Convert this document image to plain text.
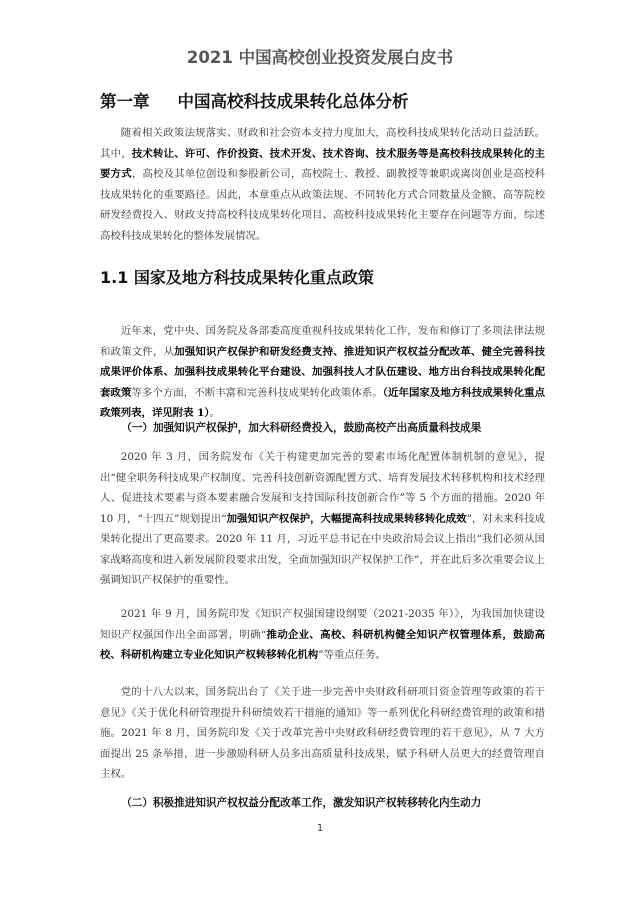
2021 中国高校创业投资发展白皮书
第一章 中国高校科技成果转化总体分析
随着相关政策法规落实、财政和社会资本支持力度加大，高校科技成果转化活动日益活跃。其中，技术转让、许可、作价投资、技术开发、技术咨询、技术服务等是高校科技成果转化的主要方式，高校及其单位创设和参股新公司，高校院士、教授、副教授等兼职或离岗创业是高校科技成果转化的重要路径。因此，本章重点从政策法规、不同转化方式合同数量及金额、高等院校研发经费投入、财政支持高校科技成果转化项目、高校科技成果转化主要存在问题等方面，综述高校科技成果转化的整体发展情况。
1.1 国家及地方科技成果转化重点政策
近年来，党中央、国务院及各部委高度重视科技成果转化工作，发布和修订了多项法律法规和政策文件，从加强知识产权保护和研发经费支持、推进知识产权权益分配改革、健全完善科技成果评价体系、加强科技成果转化平台建设、加强科技人才队伍建设、地方出台科技成果转化配套政策等多个方面，不断丰富和完善科技成果转化政策体系。（近年国家及地方科技成果转化重点政策列表，详见附表 1）。
（一）加强知识产权保护，加大科研经费投入，鼓励高校产出高质量科技成果
2020 年 3 月，国务院发布《关于构建更加完善的要素市场化配置体制机制的意见》，提出“健全职务科技成果产权制度、完善科技创新资源配置方式、培育发展技术转移机构和技术经理人、促进技术要素与资本要素融合发展和支持国际科技创新合作”等 5 个方面的措施。2020 年 10 月，“十四五”规划提出“加强知识产权保护，大幅提高科技成果转移转化成效”，对未来科技成果转化提出了更高要求。2020 年 11 月，习近平总书记在中央政治局会议上指出“我们必须从国家战略高度和进入新发展阶段要求出发，全面加强知识产权保护工作”，并在此后多次重要会议上强调知识产权保护的重要性。
2021 年 9 月，国务院印发《知识产权强国建设纲要（2021-2035 年）》，为我国加快建设知识产权强国作出全面部署，明确“推动企业、高校、科研机构健全知识产权管理体系，鼓励高校、科研机构建立专业化知识产权转移转化机构”等重点任务。
党的十八大以来，国务院出台了《关于进一步完善中央财政科研项目资金管理等政策的若干意见》《关于优化科研管理提升科研绩效若干措施的通知》等一系列优化科研经费管理的政策和措施。2021 年 8 月，国务院印发《关于改革完善中央财政科研经费管理的若干意见》，从 7 大方面提出 25 条举措，进一步激励科研人员多出高质量科技成果，赋予科研人员更大的经费管理自主权。
（二）积极推进知识产权权益分配改革工作，激发知识产权转移转化内生动力
1
